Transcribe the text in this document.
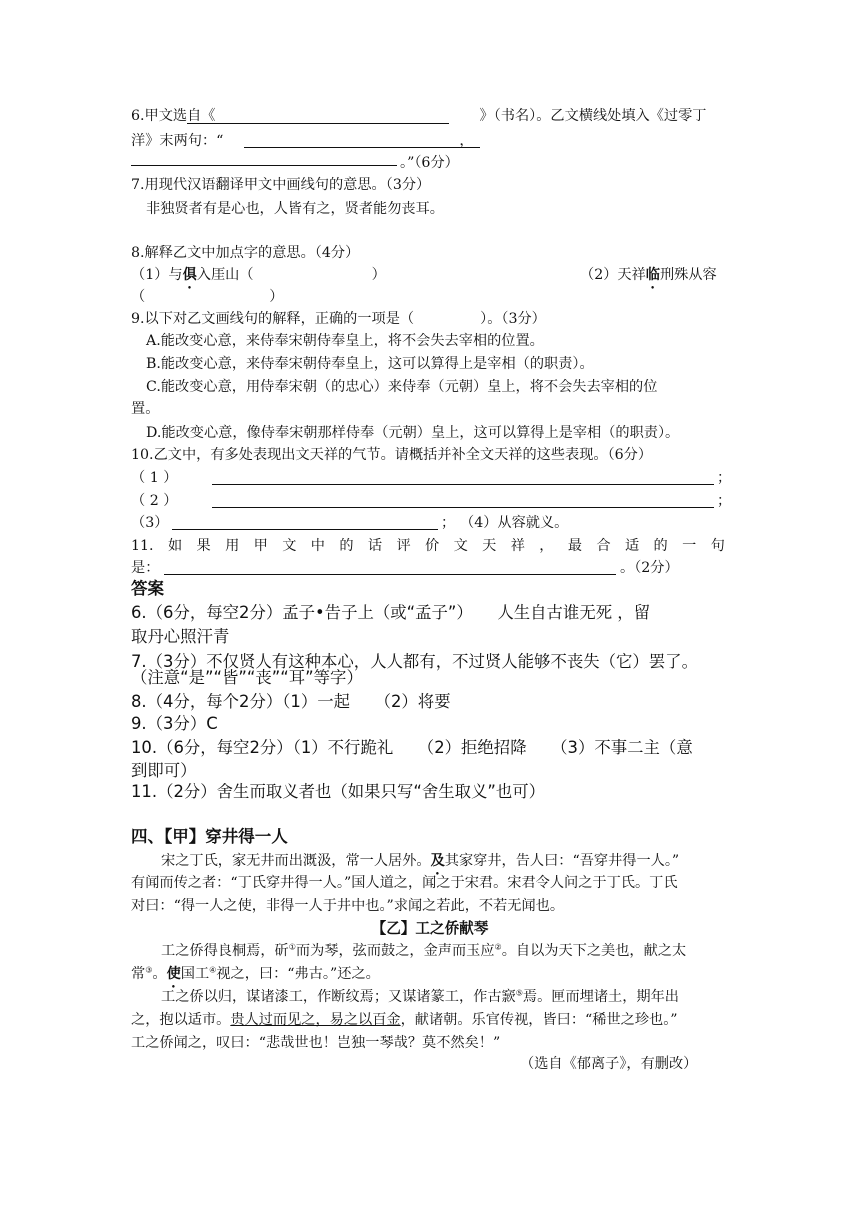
6.甲文选自《	》（书名）。乙文横线处填入《过零丁
洋》末两句：“	，
。”（6分）
7.用现代汉语翻译甲文中画线句的意思。（3分）
非独贤者有是心也，人皆有之，贤者能勿丧耳。
8.解释乙文中加点字的意思。（4分）
（1）与俱入厓山（	）	（2）天祥临刑殊从容
（	）
9.以下对乙文画线句的解释，正确的一项是（	）。（3分）
A.能改变心意，来侍奉宋朝侍奉皇上，将不会失去宰相的位置。
B.能改变心意，来侍奉宋朝侍奉皇上，这可以算得上是宰相（的职责）。
C.能改变心意，用侍奉宋朝（的忠心）来侍奉（元朝）皇上，将不会失去宰相的位
置。
D.能改变心意，像侍奉宋朝那样侍奉（元朝）皇上，这可以算得上是宰相（的职责）。
10.乙文中，有多处表现出文天祥的气节。请概括并补全文天祥的这些表现。（6分）
（ 1 ）	；
（ 2 ）	；
（3）	； （4）从容就义。
11. 如 果 用 甲 文 中 的 话 评 价 文 天 祥 ， 最 合 适 的 一 句
是：	。（2分）
答案
6.（6分，每空2分）孟子•告子上（或“孟子”）　　人生自古谁无死 ，留
取丹心照汗青
7.（3分）不仅贤人有这种本心，人人都有，不过贤人能够不丧失（它）罢了。
（注意“是”“皆”“丧”“耳”等字）
8.（4分，每个2分）（1）一起　　（2）将要
9.（3分）C
10.（6分，每空2分）（1）不行跪礼　　（2）拒绝招降　　（3）不事二主（意
到即可）
11.（2分）舍生而取义者也（如果只写“舍生取义”也可）
四、【甲】穿井得一人
宋之丁氏，家无井而出溉汲，常一人居外。及其家穿井，告人曰：“吾穿井得一人。”
有闻而传之者：“丁氏穿井得一人。”国人道之，闻之于宋君。宋君令人问之于丁氏。丁氏
对曰：“得一人之使，非得一人于井中也。”求闻之若此，不若无闻也。
【乙】工之侨献琴
工之侨得良桐焉，斫①而为琴，弦而鼓之，金声而玉应②。自以为天下之美也，献之太
常③。使国工④视之，曰：“弗古。”还之。
工之侨以归，谋诸漆工，作断纹焉；又谋诸篆工，作古窾⑤焉。匣而埋诸土，期年出
之，抱以适市。贵人过而见之，易之以百金，献诸朝。乐官传视，皆曰：“稀世之珍也。”
工之侨闻之，叹曰：“悲哉世也！岂独一琴哉？莫不然矣！”
（选自《郁离子》，有删改）
